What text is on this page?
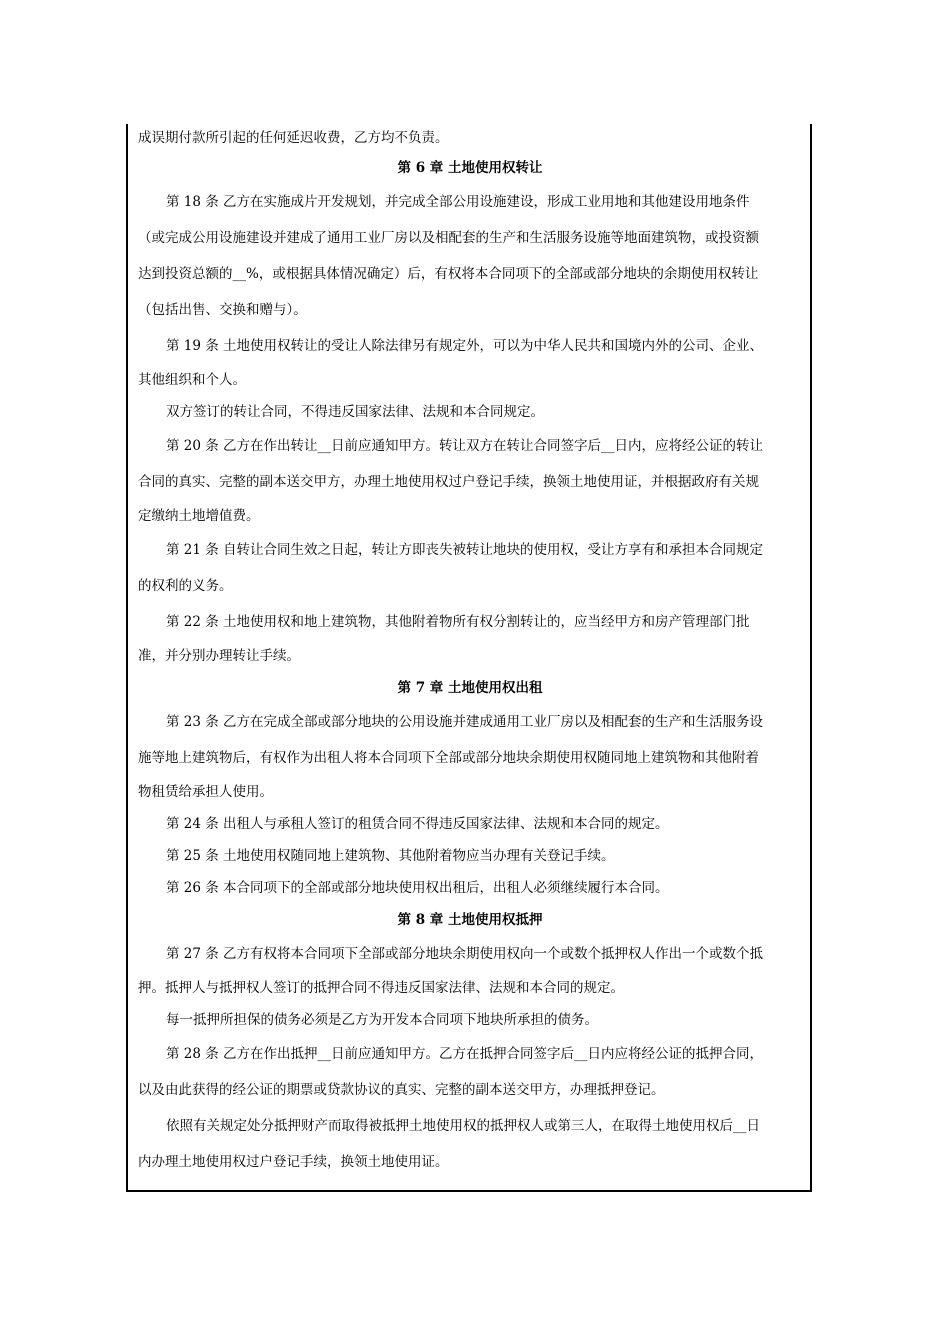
成误期付款所引起的任何延迟收费，乙方均不负责。
第 6 章 土地使用权转让
第 18 条 乙方在实施成片开发规划，并完成全部公用设施建设，形成工业用地和其他建设用地条件
（或完成公用设施建设并建成了通用工业厂房以及相配套的生产和生活服务设施等地面建筑物，或投资额
达到投资总额的__%，或根据具体情况确定）后，有权将本合同项下的全部或部分地块的余期使用权转让
（包括出售、交换和赠与）。
第 19 条 土地使用权转让的受让人除法律另有规定外，可以为中华人民共和国境内外的公司、企业、
其他组织和个人。
双方签订的转让合同，不得违反国家法律、法规和本合同规定。
第 20 条 乙方在作出转让__日前应通知甲方。转让双方在转让合同签字后__日内，应将经公证的转让
合同的真实、完整的副本送交甲方，办理土地使用权过户登记手续，换领土地使用证，并根据政府有关规
定缴纳土地增值费。
第 21 条 自转让合同生效之日起，转让方即丧失被转让地块的使用权，受让方享有和承担本合同规定
的权利的义务。
第 22 条 土地使用权和地上建筑物，其他附着物所有权分割转让的，应当经甲方和房产管理部门批
准，并分别办理转让手续。
第 7 章 土地使用权出租
第 23 条 乙方在完成全部或部分地块的公用设施并建成通用工业厂房以及相配套的生产和生活服务设
施等地上建筑物后，有权作为出租人将本合同项下全部或部分地块余期使用权随同地上建筑物和其他附着
物租赁给承担人使用。
第 24 条 出租人与承租人签订的租赁合同不得违反国家法律、法规和本合同的规定。
第 25 条 土地使用权随同地上建筑物、其他附着物应当办理有关登记手续。
第 26 条 本合同项下的全部或部分地块使用权出租后，出租人必须继续履行本合同。
第 8 章 土地使用权抵押
第 27 条 乙方有权将本合同项下全部或部分地块余期使用权向一个或数个抵押权人作出一个或数个抵
押。抵押人与抵押权人签订的抵押合同不得违反国家法律、法规和本合同的规定。
每一抵押所担保的债务必须是乙方为开发本合同项下地块所承担的债务。
第 28 条 乙方在作出抵押__日前应通知甲方。乙方在抵押合同签字后__日内应将经公证的抵押合同，
以及由此获得的经公证的期票或贷款协议的真实、完整的副本送交甲方，办理抵押登记。
依照有关规定处分抵押财产而取得被抵押土地使用权的抵押权人或第三人，在取得土地使用权后__日
内办理土地使用权过户登记手续，换领土地使用证。
